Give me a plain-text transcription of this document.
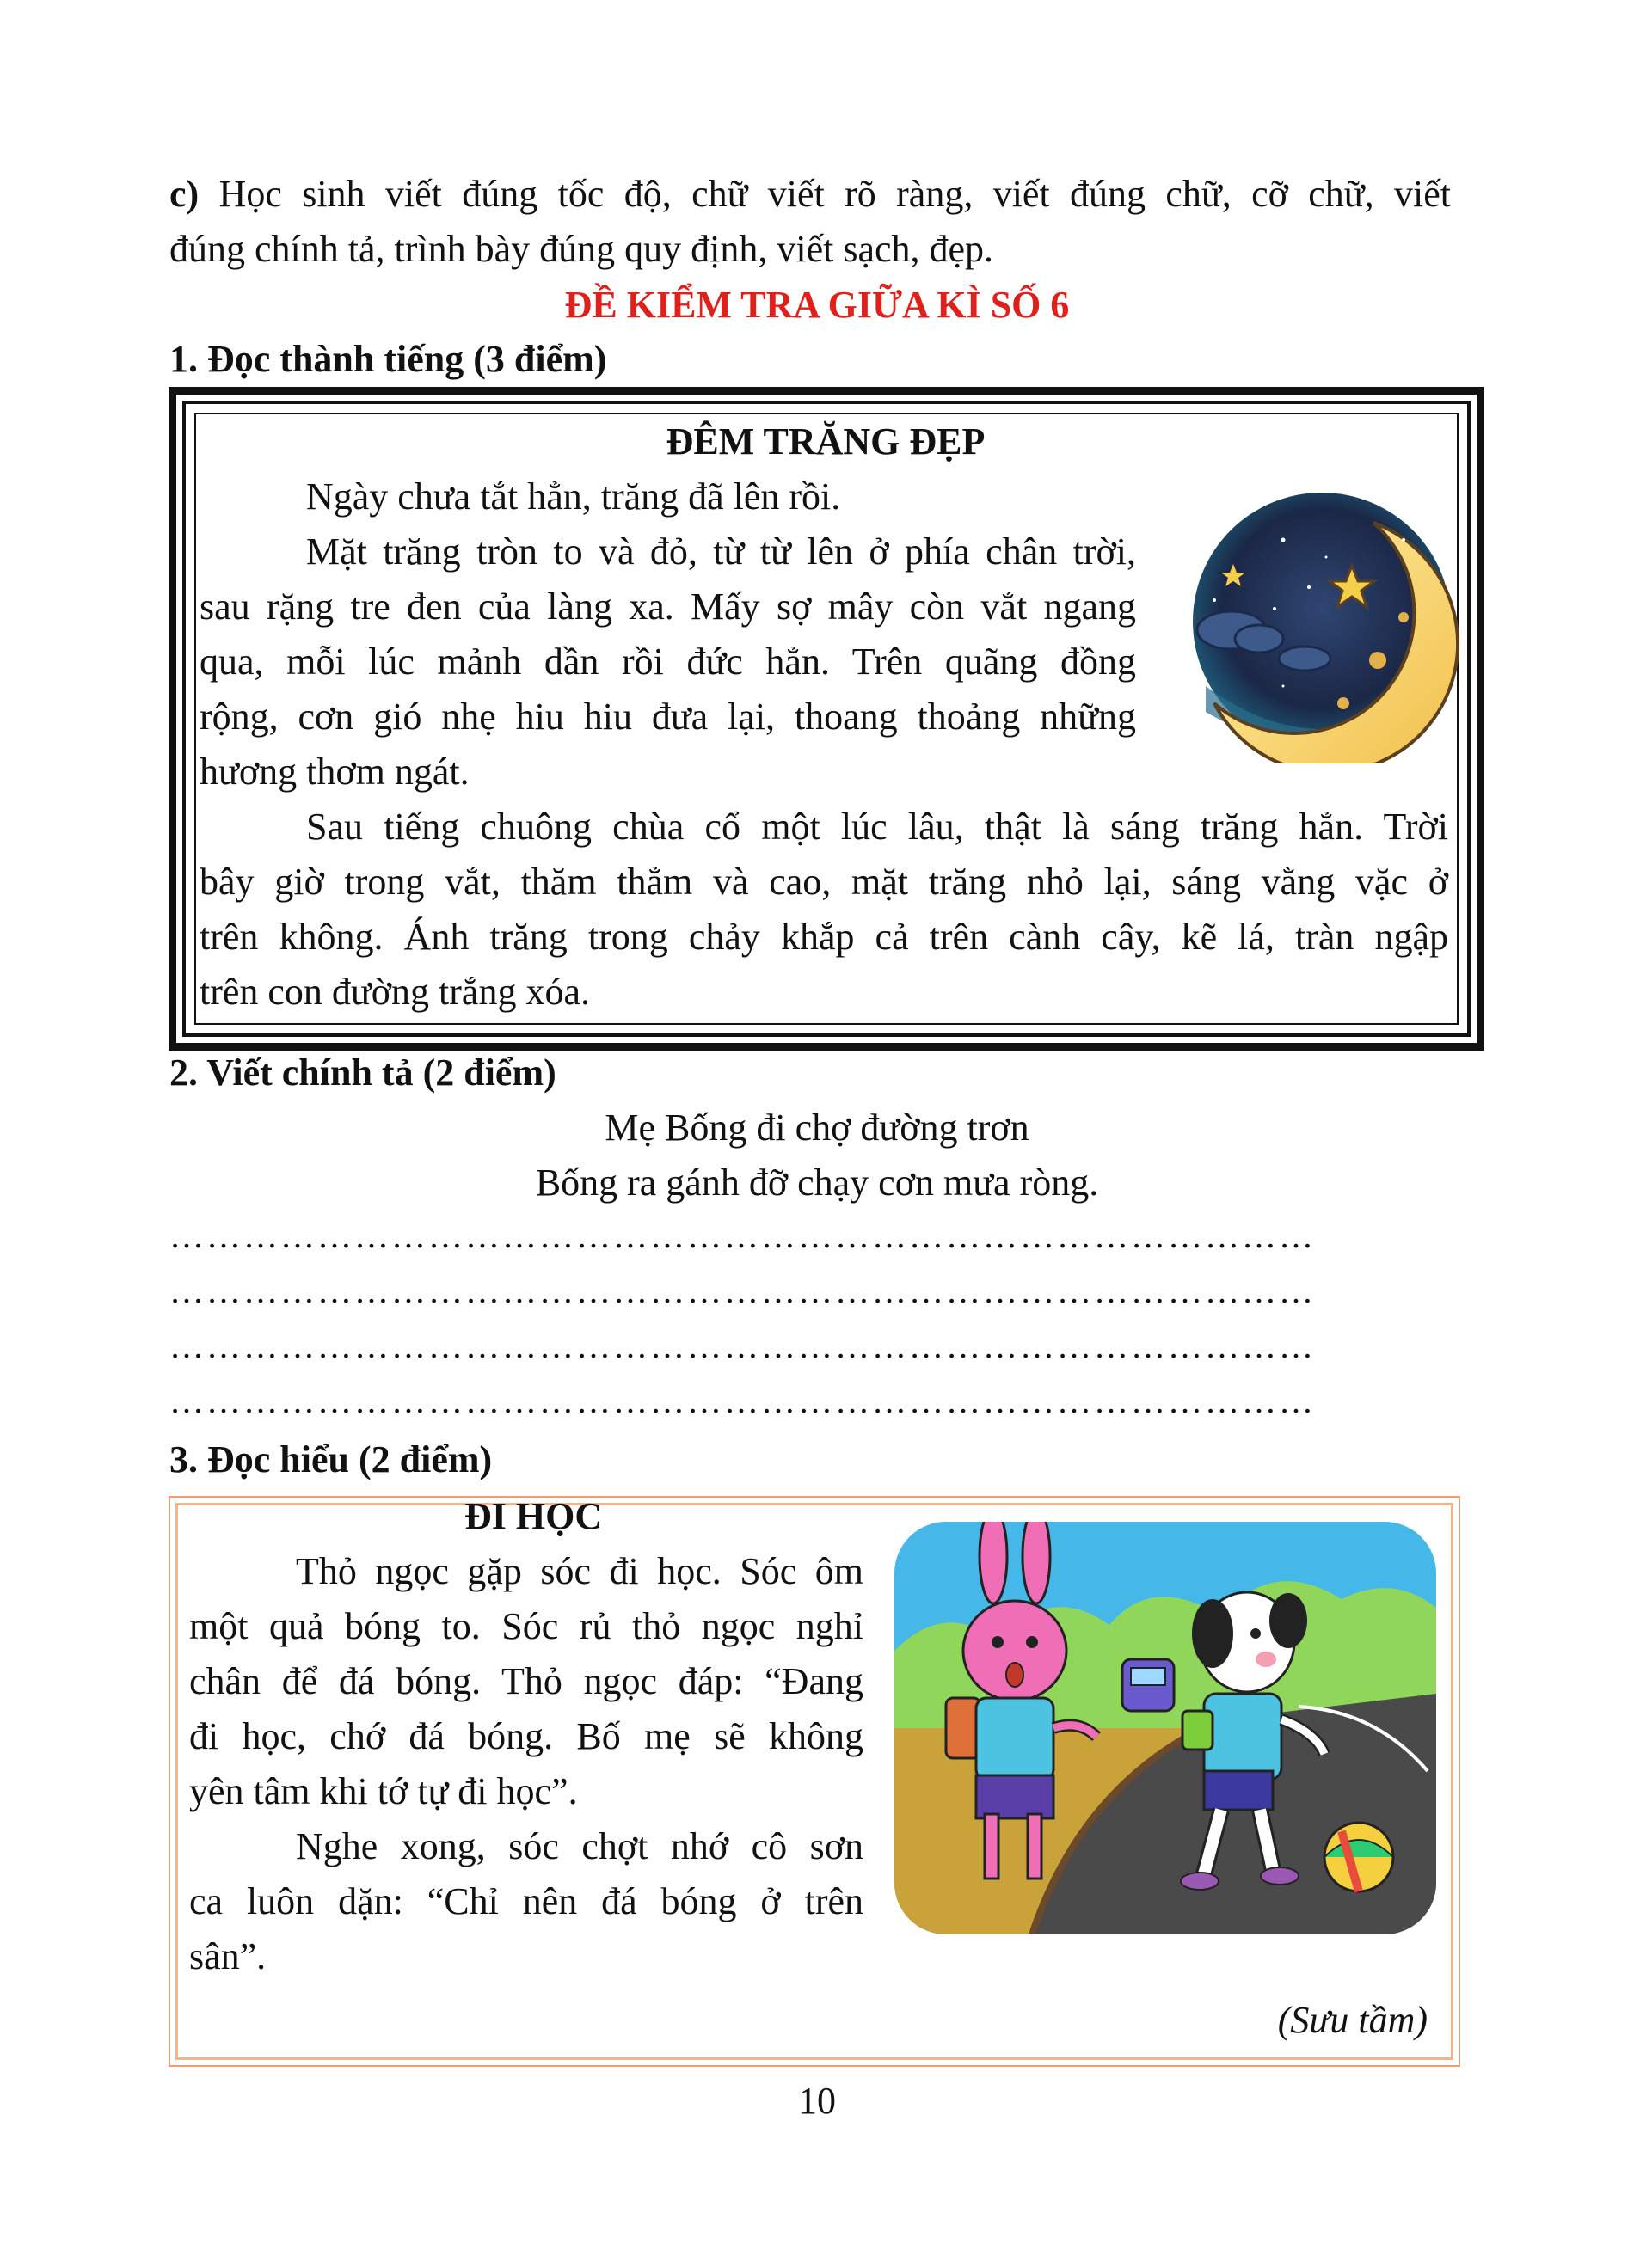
c) Học sinh viết đúng tốc độ, chữ viết rõ ràng, viết đúng chữ, cỡ chữ, viết
đúng chính tả, trình bày đúng quy định, viết sạch, đẹp.
ĐỀ KIỂM TRA GIỮA KÌ SỐ 6
1. Đọc thành tiếng (3 điểm)
ĐÊM TRĂNG ĐẸP
Ngày chưa tắt hẳn, trăng đã lên rồi.
Mặt trăng tròn to và đỏ, từ từ lên ở phía chân trời,
sau rặng tre đen của làng xa. Mấy sợ mây còn vắt ngang
qua, mỗi lúc mảnh dần rồi đức hẳn. Trên quãng đồng
rộng, cơn gió nhẹ hiu hiu đưa lại, thoang thoảng những
hương thơm ngát.
Sau tiếng chuông chùa cổ một lúc lâu, thật là sáng trăng hẳn. Trời
bây giờ trong vắt, thăm thẳm và cao, mặt trăng nhỏ lại, sáng vằng vặc ở
trên không. Ánh trăng trong chảy khắp cả trên cành cây, kẽ lá, tràn ngập
trên con đường trắng xóa.
2. Viết chính tả (2 điểm)
Mẹ Bống đi chợ đường trơn
Bống ra gánh đỡ chạy cơn mưa ròng.
…………………………………………………………………………………
…………………………………………………………………………………
…………………………………………………………………………………
…………………………………………………………………………………
3. Đọc hiểu (2 điểm)
ĐI HỌC
Thỏ ngọc gặp sóc đi học. Sóc ôm
một quả bóng to. Sóc rủ thỏ ngọc nghỉ
chân để đá bóng. Thỏ ngọc đáp: “Đang
đi học, chớ đá bóng. Bố mẹ sẽ không
yên tâm khi tớ tự đi học”.
Nghe xong, sóc chợt nhớ cô sơn
ca luôn dặn: “Chỉ nên đá bóng ở trên
sân”.
(Sưu tầm)
10
